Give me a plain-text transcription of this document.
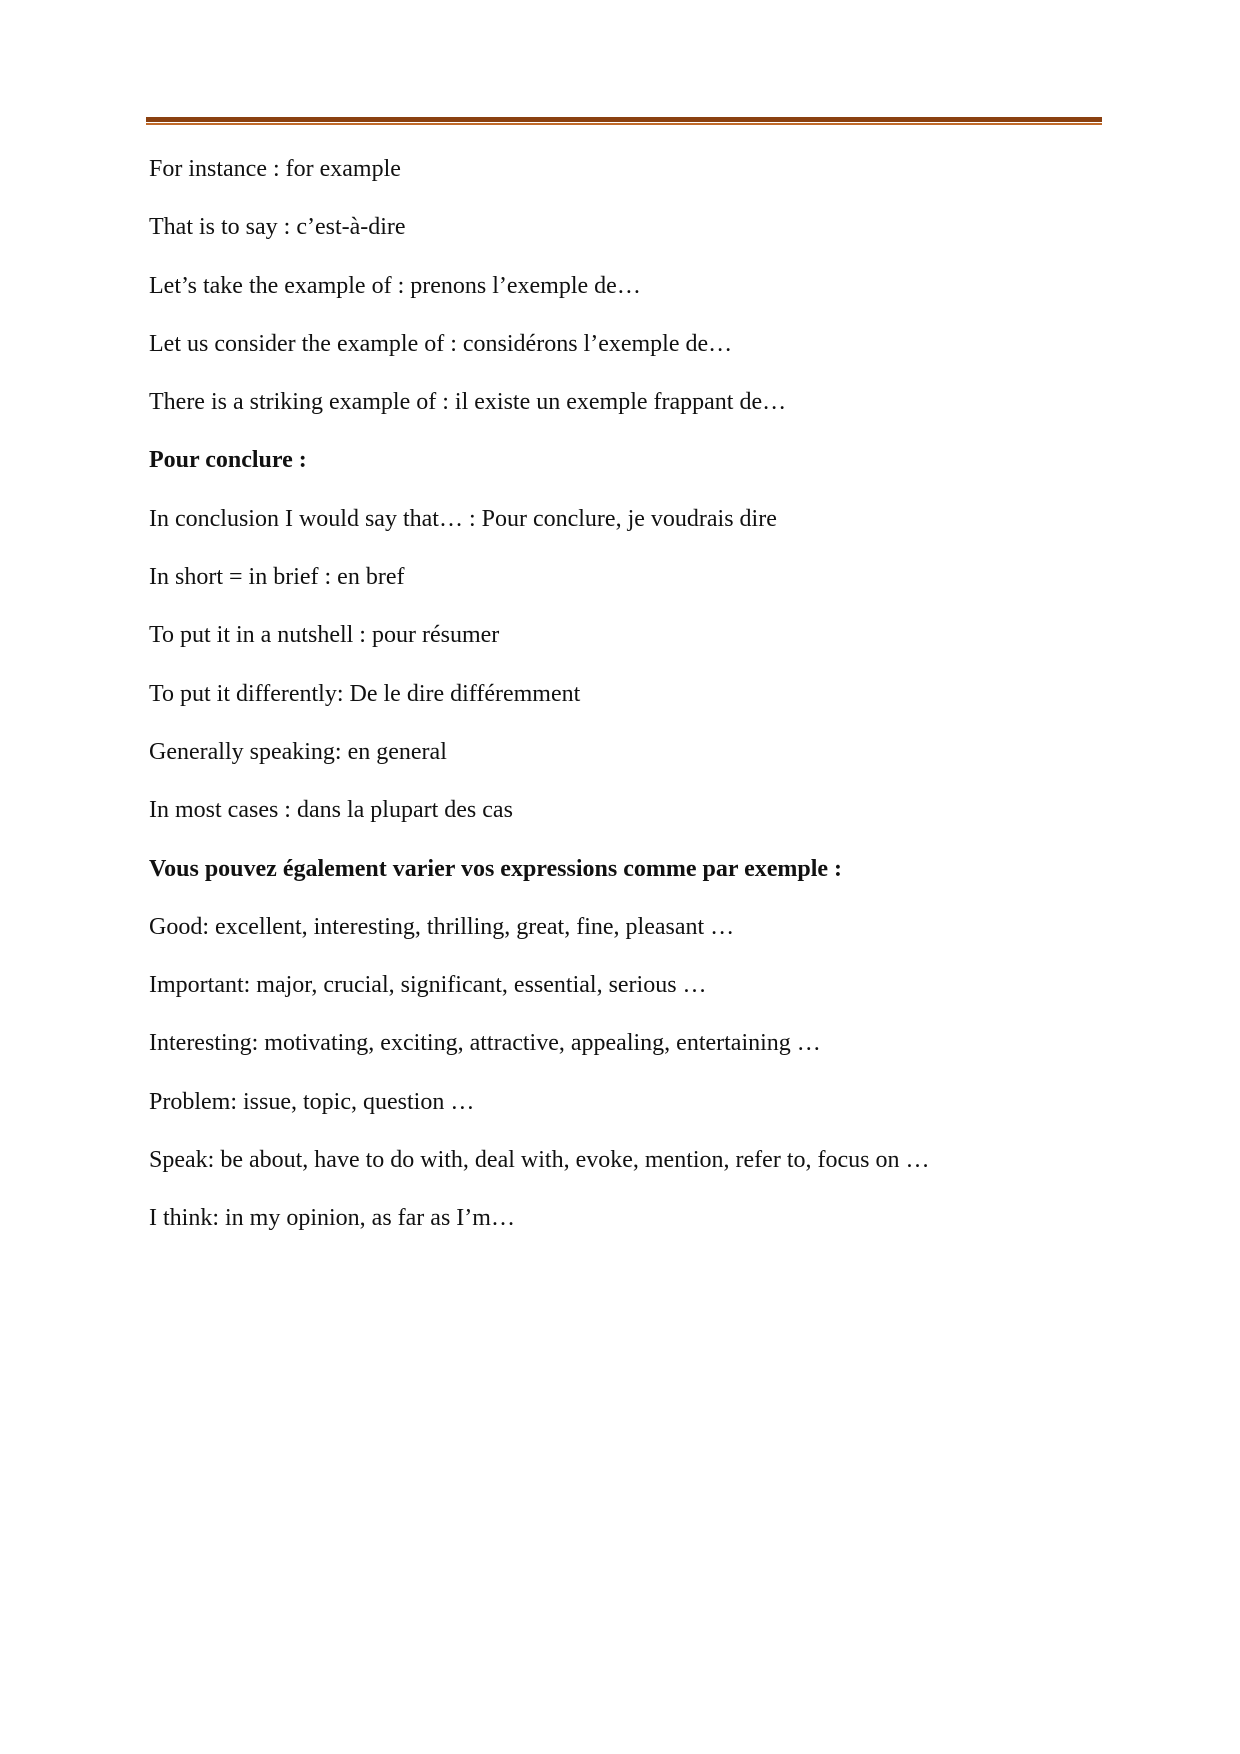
For instance : for example
That is to say : c’est-à-dire
Let’s take the example of : prenons l’exemple de…
Let us consider the example of : considérons l’exemple de…
There is a striking example of : il existe un exemple frappant de…
Pour conclure :
In conclusion I would say that… : Pour conclure, je voudrais dire
In short = in brief : en bref
To put it in a nutshell : pour résumer
To put it differently: De le dire différemment
Generally speaking: en general
In most cases : dans la plupart des cas
Vous pouvez également varier vos expressions comme par exemple :
Good: excellent, interesting, thrilling, great, fine, pleasant …
Important: major, crucial, significant, essential, serious …
Interesting: motivating, exciting, attractive, appealing, entertaining …
Problem: issue, topic, question …
Speak: be about, have to do with, deal with, evoke, mention, refer to, focus on …
I think: in my opinion, as far as I’m…
